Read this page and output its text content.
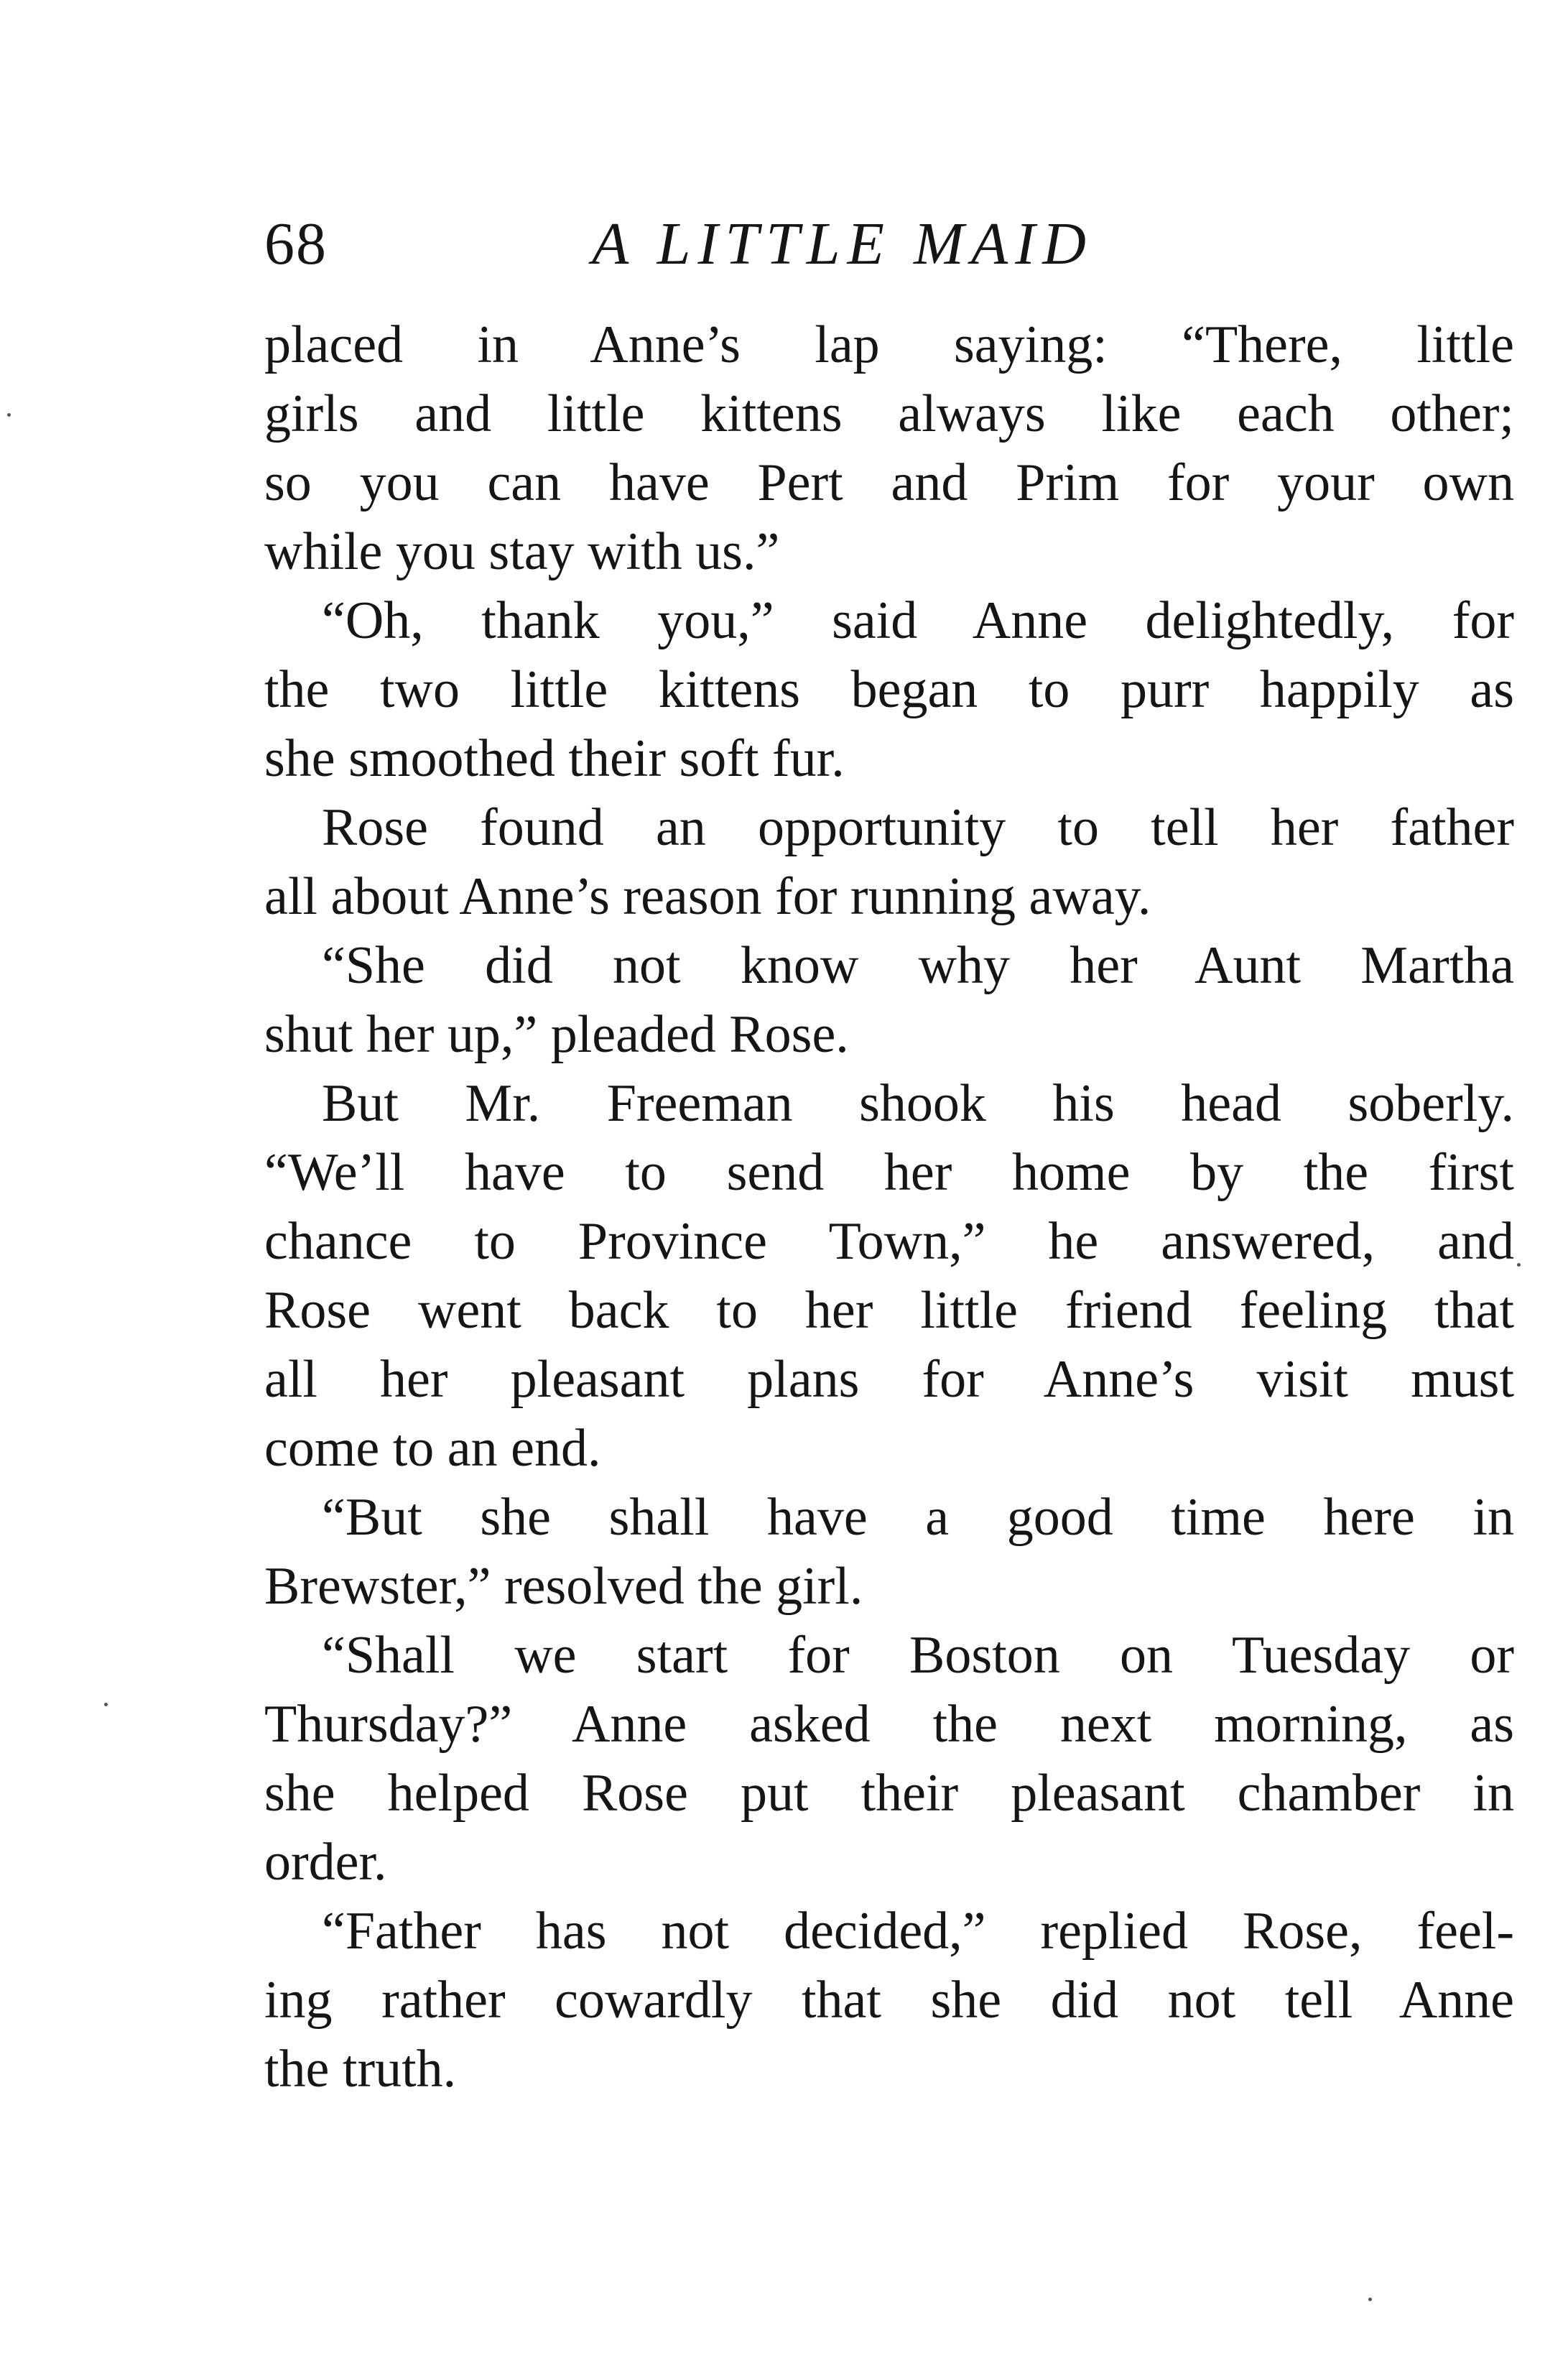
68	A LITTLE MAID
placed in Anne’s lap saying: “There, little
girls and little kittens always like each other;
so you can have Pert and Prim for your own
while you stay with us.”
“Oh, thank you,” said Anne delightedly, for
the two little kittens began to purr happily as
she smoothed their soft fur.
Rose found an opportunity to tell her father
all about Anne’s reason for running away.
“She did not know why her Aunt Martha
shut her up,” pleaded Rose.
But Mr. Freeman shook his head soberly.
“We’ll have to send her home by the first
chance to Province Town,” he answered, and
Rose went back to her little friend feeling that
all her pleasant plans for Anne’s visit must
come to an end.
“But she shall have a good time here in
Brewster,” resolved the girl.
“Shall we start for Boston on Tuesday or
Thursday?” Anne asked the next morning, as
she helped Rose put their pleasant chamber in
order.
“Father has not decided,” replied Rose, feel-
ing rather cowardly that she did not tell Anne
the truth.
